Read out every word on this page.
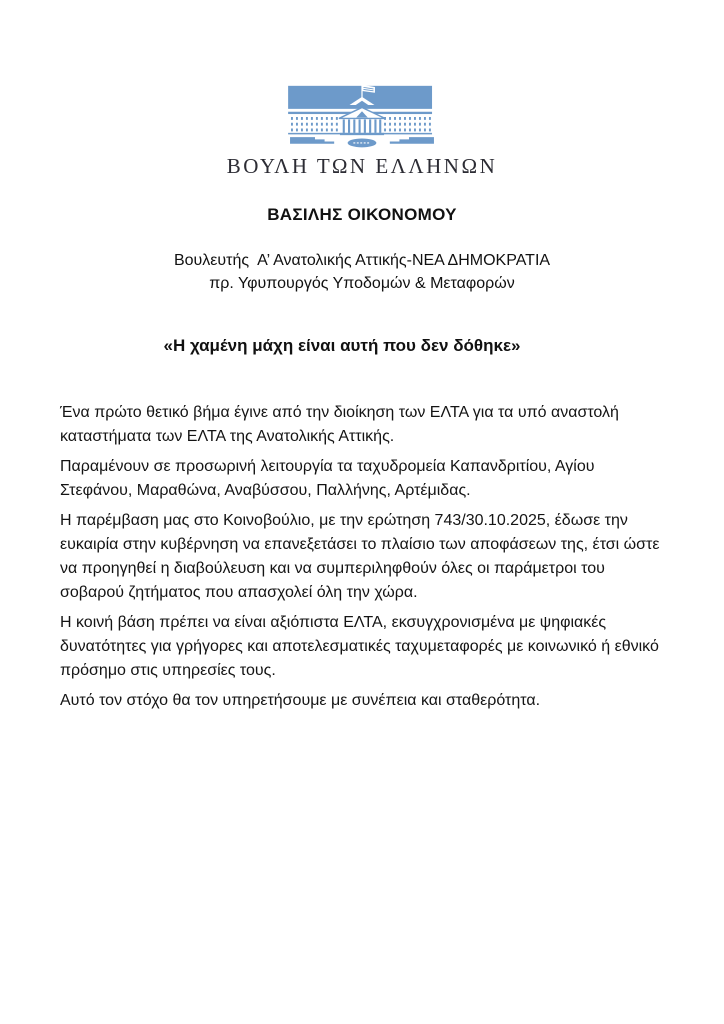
ΒΟΥΛΗ ΤΩΝ ΕΛΛΗΝΩΝ
ΒΑΣΙΛΗΣ ΟΙΚΟΝΟΜΟΥ
Βουλευτής  Α’ Ανατολικής Αττικής-ΝΕΑ ΔΗΜΟΚΡΑΤΙΑ
πρ. Υφυπουργός Υποδομών & Μεταφορών
«Η χαμένη μάχη είναι αυτή που δεν δόθηκε»

Ένα πρώτο θετικό βήμα έγινε από την διοίκηση των ΕΛΤΑ για τα υπό αναστολή καταστήματα των ΕΛΤΑ της Ανατολικής Αττικής.

Παραμένουν σε προσωρινή λειτουργία τα ταχυδρομεία Καπανδριτίου, Αγίου Στεφάνου, Μαραθώνα, Αναβύσσου, Παλλήνης, Αρτέμιδας.

Η παρέμβαση μας στο Κοινοβούλιο, με την ερώτηση 743/30.10.2025, έδωσε την ευκαιρία στην κυβέρνηση να επανεξετάσει το πλαίσιο των αποφάσεων της, έτσι ώστε να προηγηθεί η διαβούλευση και να συμπεριληφθούν όλες οι παράμετροι του σοβαρού ζητήματος που απασχολεί όλη την χώρα.

Η κοινή βάση πρέπει να είναι αξιόπιστα ΕΛΤΑ, εκσυγχρονισμένα με ψηφιακές δυνατότητες για γρήγορες και αποτελεσματικές ταχυμεταφορές με κοινωνικό ή εθνικό πρόσημο στις υπηρεσίες τους.

Αυτό τον στόχο θα τον υπηρετήσουμε με συνέπεια και σταθερότητα.
